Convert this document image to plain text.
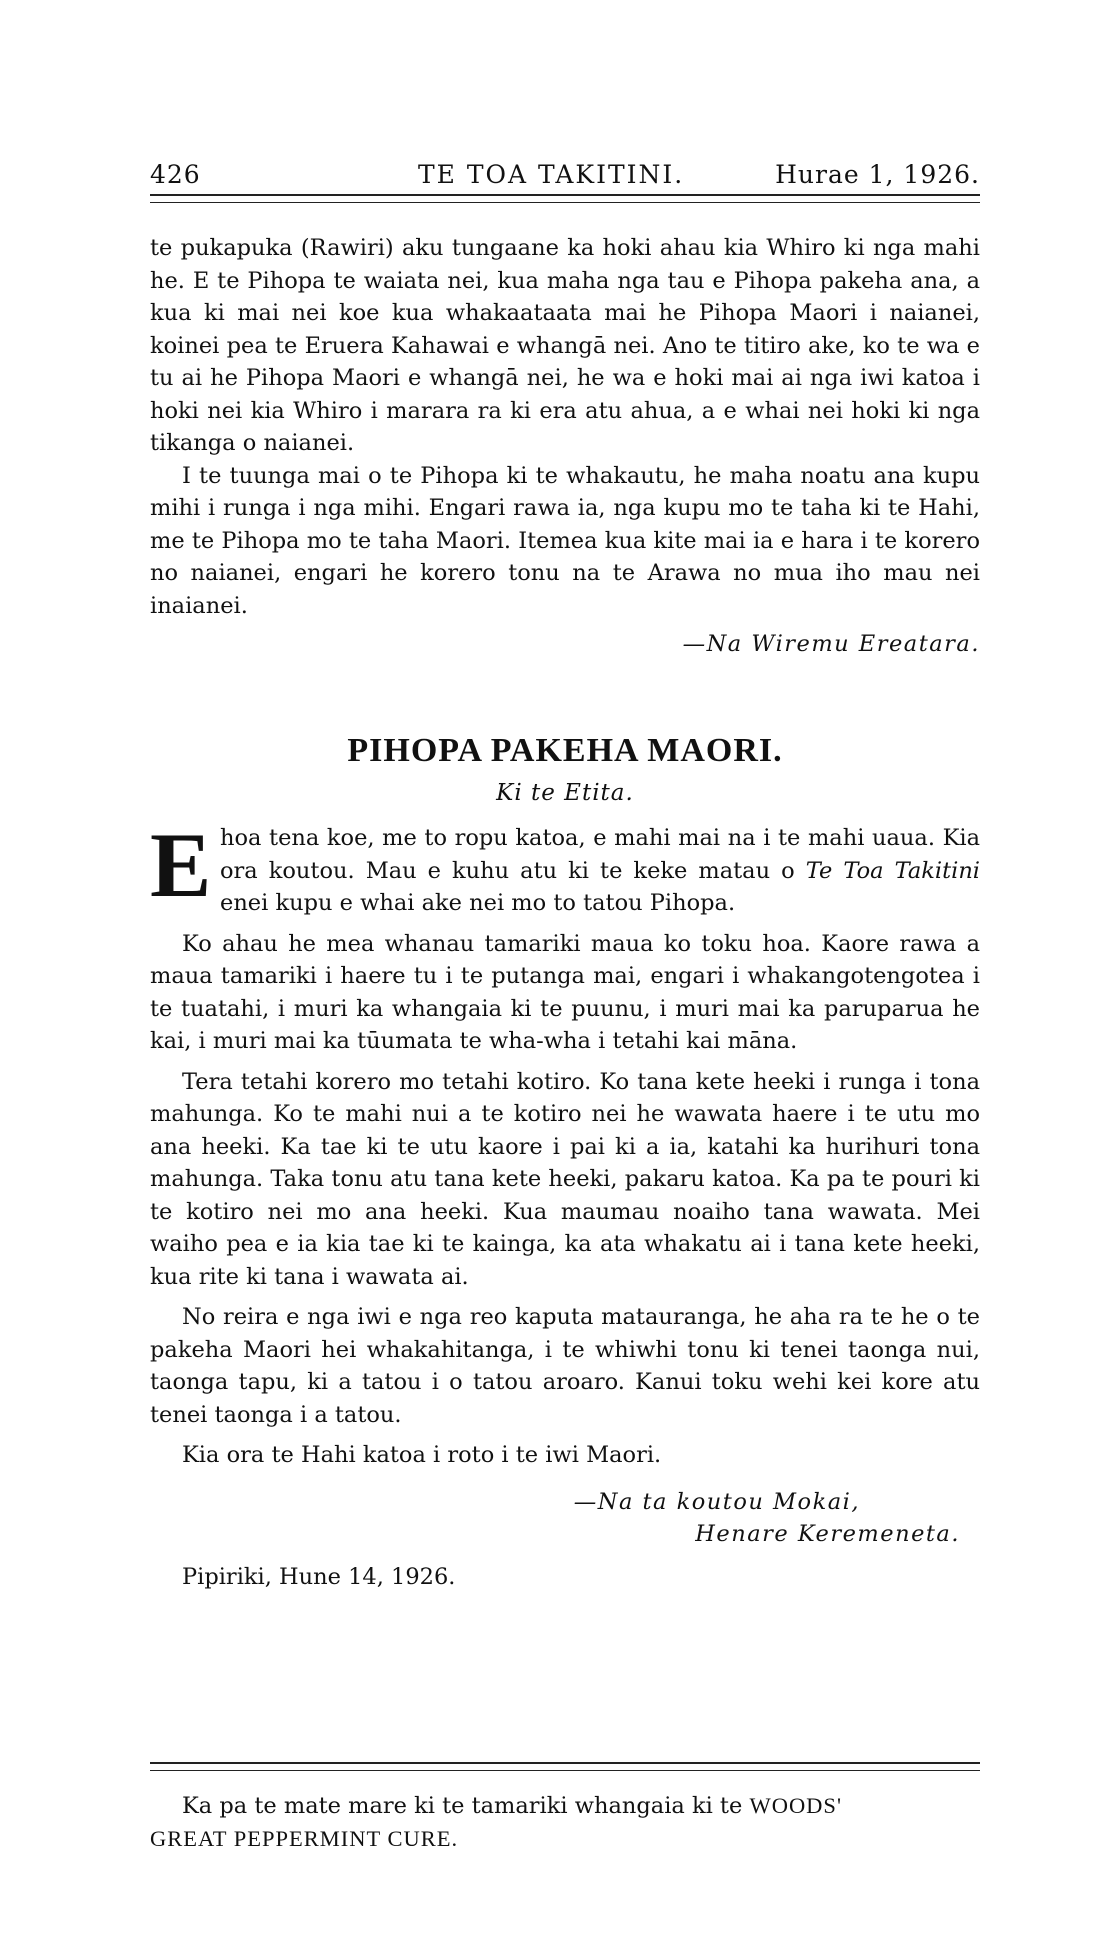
426	TE TOA TAKITINI.	Hurae 1, 1926.

te pukapuka (Rawiri) aku tungaane ka hoki ahau kia Whiro ki nga mahi he. E te Pihopa te waiata nei, kua maha nga tau e Pihopa pakeha ana, a kua ki mai nei koe kua whakaataata mai he Pihopa Maori i naianei, koinei pea te Eruera Kahawai e whangā nei. Ano te titiro ake, ko te wa e tu ai he Pihopa Maori e whangā nei, he wa e hoki mai ai nga iwi katoa i hoki nei kia Whiro i marara ra ki era atu ahua, a e whai nei hoki ki nga tikanga o naianei.

I te tuunga mai o te Pihopa ki te whakautu, he maha noatu ana kupu mihi i runga i nga mihi. Engari rawa ia, nga kupu mo te taha ki te Hahi, me te Pihopa mo te taha Maori. Itemea kua kite mai ia e hara i te korero no naianei, engari he korero tonu na te Arawa no mua iho mau nei inaianei.

—Na Wiremu Ereatara.

PIHOPA PAKEHA MAORI.
Ki te Etita.

E hoa tena koe, me to ropu katoa, e mahi mai na i te mahi uaua. Kia ora koutou. Mau e kuhu atu ki te keke matau o Te Toa Takitini enei kupu e whai ake nei mo to tatou Pihopa.

Ko ahau he mea whanau tamariki maua ko toku hoa. Kaore rawa a maua tamariki i haere tu i te putanga mai, engari i whakangotengotea i te tuatahi, i muri ka whangaia ki te puunu, i muri mai ka paruparua he kai, i muri mai ka tūumata te wha-wha i tetahi kai māna.

Tera tetahi korero mo tetahi kotiro. Ko tana kete heeki i runga i tona mahunga. Ko te mahi nui a te kotiro nei he wawata haere i te utu mo ana heeki. Ka tae ki te utu kaore i pai ki a ia, katahi ka hurihuri tona mahunga. Taka tonu atu tana kete heeki, pakaru katoa. Ka pa te pouri ki te kotiro nei mo ana heeki. Kua maumau noaiho tana wawata. Mei waiho pea e ia kia tae ki te kainga, ka ata whakatu ai i tana kete heeki, kua rite ki tana i wawata ai.

No reira e nga iwi e nga reo kaputa matauranga, he aha ra te he o te pakeha Maori hei whakahitanga, i te whiwhi tonu ki tenei taonga nui, taonga tapu, ki a tatou i o tatou aroaro. Kanui toku wehi kei kore atu tenei taonga i a tatou.

Kia ora te Hahi katoa i roto i te iwi Maori.

—Na ta koutou Mokai,

Henare Keremeneta.

Pipiriki, Hune 14, 1926.

Ka pa te mate mare ki te tamariki whangaia ki te WOODS'

GREAT PEPPERMINT CURE.
